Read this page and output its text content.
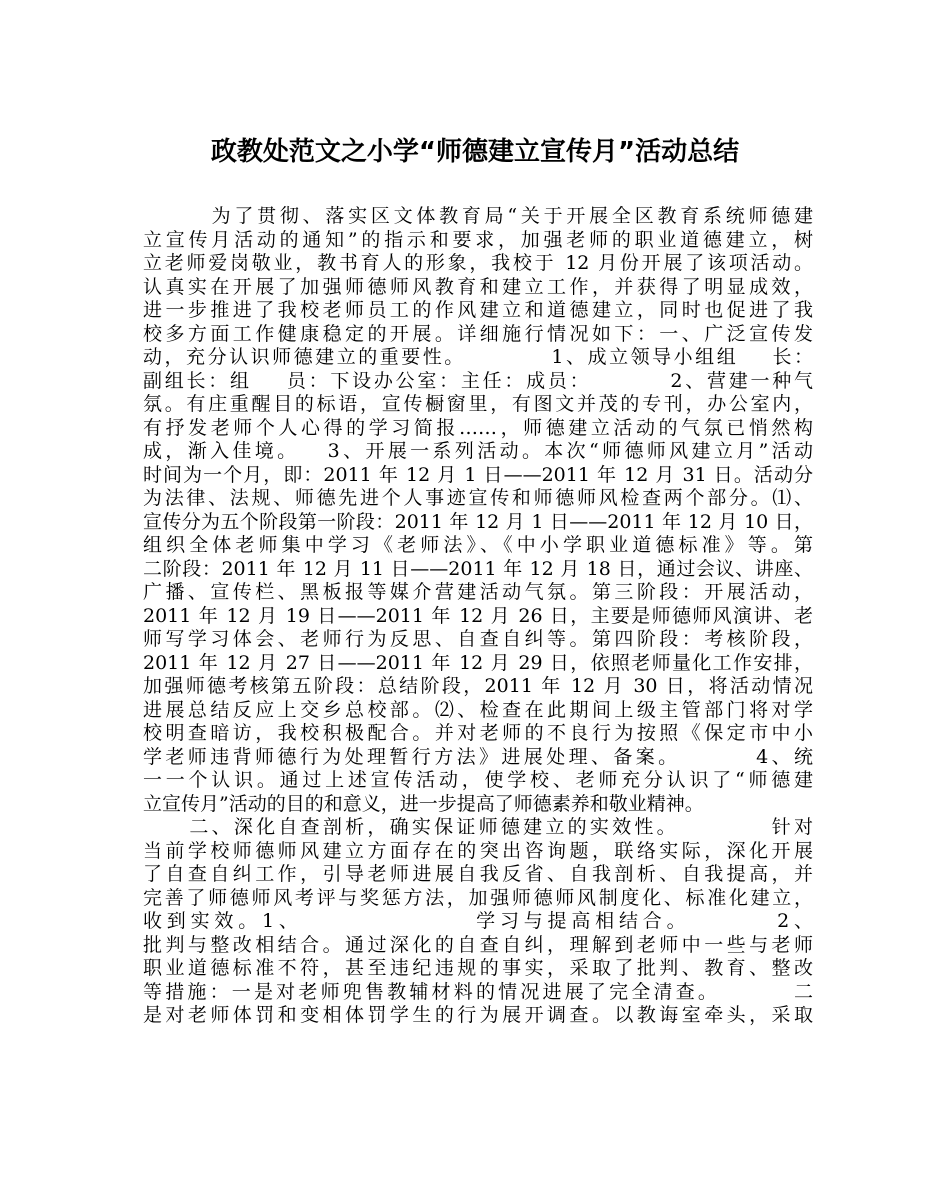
政教处范文之小学“师德建立宣传月”活动总结
为了贯彻、落实区文体教育局“关于开展全区教育系统师德建
立宣传月活动的通知”的指示和要求，加强老师的职业道德建立，树
立老师爱岗敬业，教书育人的形象，我校于 12 月份开展了该项活动。
认真实在开展了加强师德师风教育和建立工作，并获得了明显成效，
进一步推进了我校老师员工的作风建立和道德建立，同时也促进了我
校多方面工作健康稳定的开展。详细施行情况如下：一、广泛宣传发
动，充分认识师德建立的重要性。          1、成立领导小组组    长：
副组长：组    员：下设办公室：主任：成员：         2、营建一种气
氛。有庄重醒目的标语，宣传橱窗里，有图文并茂的专刊，办公室内，
有抒发老师个人心得的学习简报……，师德建立活动的气氛已悄然构
成，渐入佳境。   3、开展一系列活动。本次“师德师风建立月”活动
时间为一个月，即：2011 年 12 月 1 日——2011 年 12 月 31 日。活动分
为法律、法规、师德先进个人事迹宣传和师德师风检查两个部分。⑴、
宣传分为五个阶段第一阶段：2011 年 12 月 1 日——2011 年 12 月 10 日，
组织全体老师集中学习《老师法》、《中小学职业道德标准》等。第
二阶段：2011 年 12 月 11 日——2011 年 12 月 18 日，通过会议、讲座、
广播、宣传栏、黑板报等媒介营建活动气氛。第三阶段：开展活动，
2011 年 12 月 19 日——2011 年 12 月 26 日，主要是师德师风演讲、老
师写学习体会、老师行为反思、自查自纠等。第四阶段：考核阶段，
2011 年 12 月 27 日——2011 年 12 月 29 日，依照老师量化工作安排，
加强师德考核第五阶段：总结阶段，2011 年 12 月 30 日，将活动情况
进展总结反应上交乡总校部。⑵、检查在此期间上级主管部门将对学
校明查暗访，我校积极配合。并对老师的不良行为按照《保定市中小
学老师违背师德行为处理暂行方法》进展处理、备案。        4、统
一一个认识。通过上述宣传活动，使学校、老师充分认识了“师德建
立宣传月”活动的目的和意义，进一步提高了师德素养和敬业精神。
二、深化自查剖析，确实保证师德建立的实效性。          针对
当前学校师德师风建立方面存在的突出咨询题，联络实际，深化开展
了自查自纠工作，引导老师进展自我反省、自我剖析、自我提高，并
完善了师德师风考评与奖惩方法，加强师德师风制度化、标准化建立，
收到实效。1、                学习与提高相结合。        2、
批判与整改相结合。通过深化的自查自纠，理解到老师中一些与老师
职业道德标准不符，甚至违纪违规的事实，采取了批判、教育、整改
等措施：一是对老师兜售教辅材料的情况进展了完全清查。        二
是对老师体罚和变相体罚学生的行为展开调查。以教诲室牵头，采取
